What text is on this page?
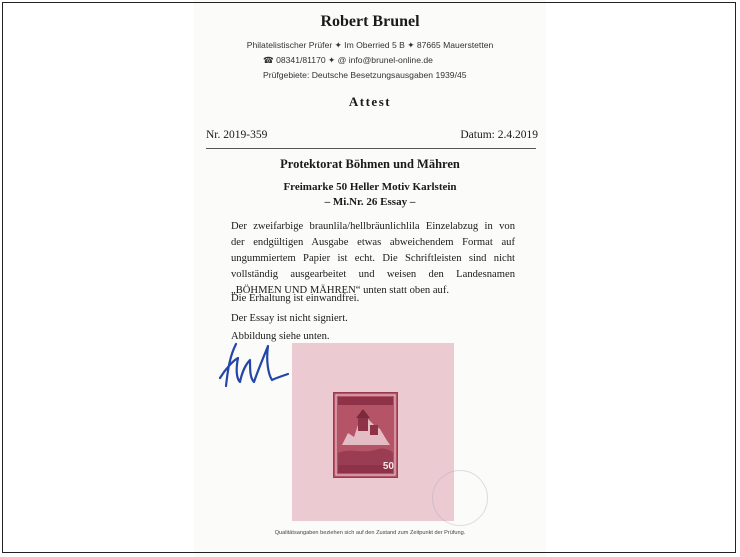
Robert Brunel
Philatelistischer Prüfer ✦ Im Oberried 5 B ✦ 87665 Mauerstetten
☎ 08341/81170 ✦ @ info@brunel-online.de
Prüfgebiete: Deutsche Besetzungsausgaben 1939/45
Attest
Nr. 2019-359	Datum: 2.4.2019
Protektorat Böhmen und Mähren
Freimarke 50 Heller Motiv Karlstein
– Mi.Nr. 26 Essay –
Der zweifarbige braunlila/hellbräunlichlila Einzelabzug in von
der endgültigen Ausgabe etwas abweichendem Format auf
ungummiertem Papier ist echt. Die Schriftleisten sind nicht
vollständig ausgearbeitet und weisen den Landesnamen
„BÖHMEN UND MÄHREN“ unten statt oben auf.
Die Erhaltung ist einwandfrei.
Der Essay ist nicht signiert.
Abbildung siehe unten.
50
Qualitätsangaben beziehen sich auf den Zustand zum Zeitpunkt der Prüfung.
